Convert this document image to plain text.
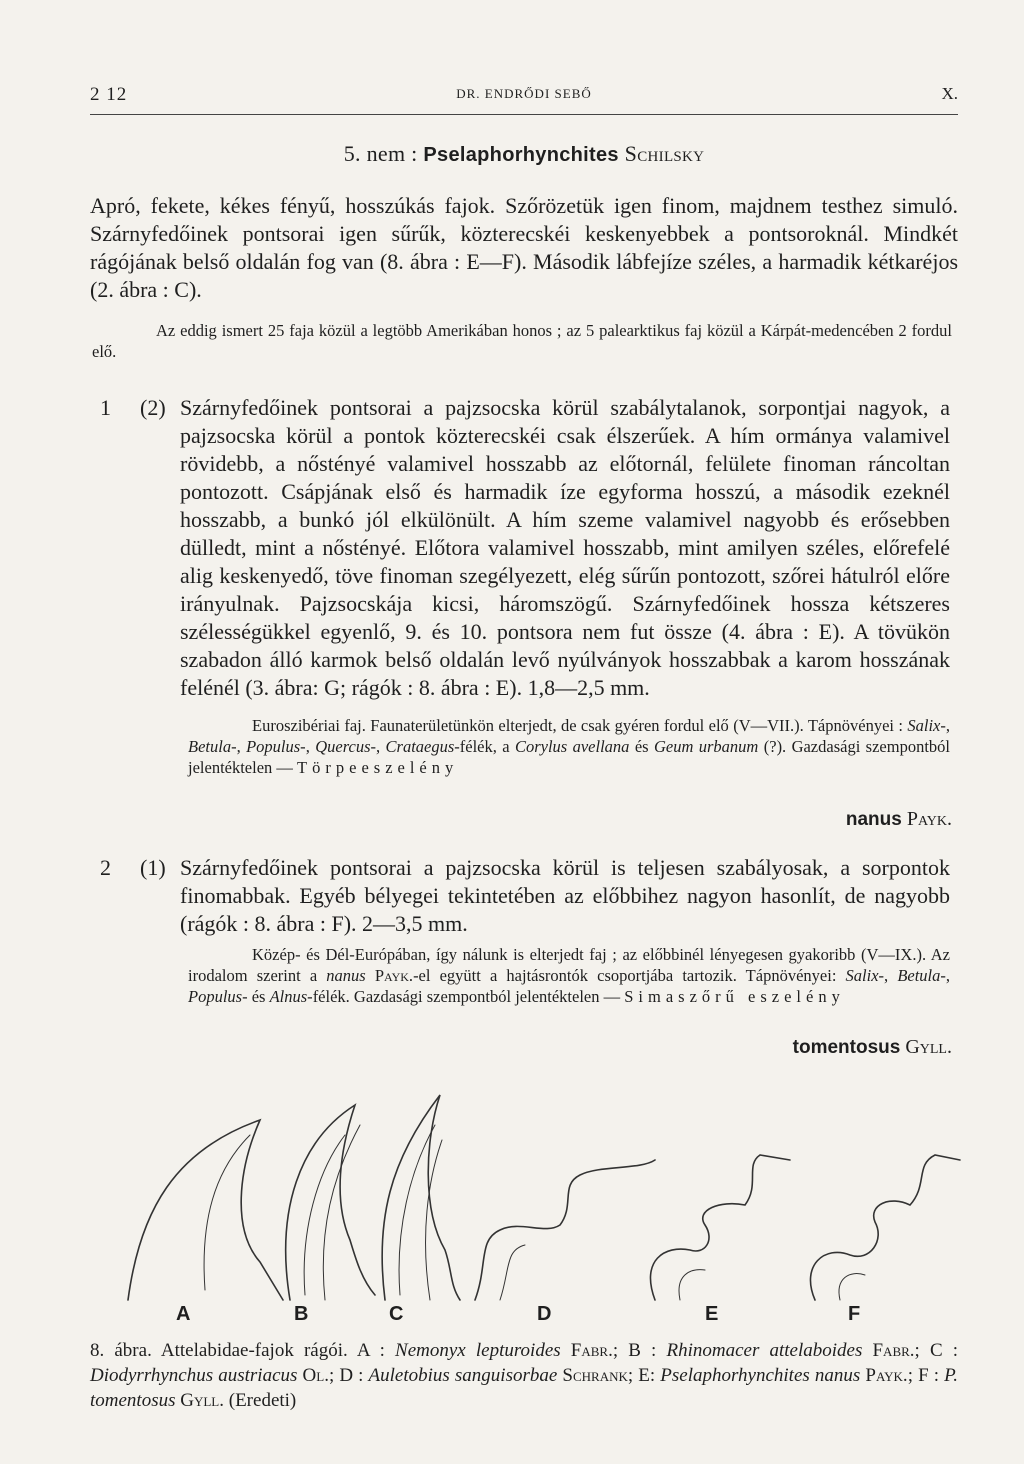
2 12	DR. ENDRŐDI SEBŐ	X.
5. nem : Pselaphorhynchites Schilsky

Apró, fekete, kékes fényű, hosszúkás fajok. Szőrözetük igen finom, majdnem testhez simuló. Szárnyfedőinek pontsorai igen sűrűk, közterecskéi keskenyebbek a pontsoroknál. Mindkét rágójának belső oldalán fog van (8. ábra : E—F). Második lábfejíze széles, a harmadik kétkaréjos (2. ábra : C).

Az eddig ismert 25 faja közül a legtöbb Amerikában honos ; az 5 palearktikus faj közül a Kárpát-medencében 2 fordul elő.

1 (2) Szárnyfedőinek pontsorai a pajzsocska körül szabálytalanok, sorpontjai nagyok, a pajzsocska körül a pontok közterecskéi csak élszerűek. A hím ormánya valamivel rövidebb, a nőstényé valamivel hosszabb az előtornál, felülete finoman ráncoltan pontozott. Csápjának első és harmadik íze egyforma hosszú, a második ezeknél hosszabb, a bunkó jól elkülönült. A hím szeme valamivel nagyobb és erősebben dülledt, mint a nőstényé. Előtora valamivel hosszabb, mint amilyen széles, előrefelé alig keskenyedő, töve finoman szegélyezett, elég sűrűn pontozott, szőrei hátulról előre irányulnak. Pajzsocskája kicsi, háromszögű. Szárnyfedőinek hossza kétszeres szélességükkel egyenlő, 9. és 10. pontsora nem fut össze (4. ábra : E). A tövükön szabadon álló karmok belső oldalán levő nyúlványok hosszabbak a karom hosszának felénél (3. ábra: G; rágók : 8. ábra : E). 1,8—2,5 mm.

Euroszibériai faj. Faunaterületünkön elterjedt, de csak gyéren fordul elő (V—VII.). Tápnövényei : Salix-, Betula-, Populus-, Quercus-, Crataegus-félék, a Corylus avellana és Geum urbanum (?). Gazdasági szempontból jelentéktelen — Törpeeszelény

nanus Payk.
2 (1) Szárnyfedőinek pontsorai a pajzsocska körül is teljesen szabályosak, a sorpontok finomabbak. Egyéb bélyegei tekintetében az előbbihez nagyon hasonlít, de nagyobb (rágók : 8. ábra : F). 2—3,5 mm.

Közép- és Dél-Európában, így nálunk is elterjedt faj ; az előbbinél lényegesen gyakoribb (V—IX.). Az irodalom szerint a nanus Payk.-el együtt a hajtásrontók csoportjába tartozik. Tápnövényei: Salix-, Betula-, Populus- és Alnus-félék. Gazdasági szempontból jelentéktelen — Simaszőrű eszelény

tomentosus Gyll.
A	B	C	D	E	F
8. ábra. Attelabidae-fajok rágói. A : Nemonyx lepturoides Fabr.; B : Rhinomacer attelaboides Fabr.; C : Diodyrrhynchus austriacus Ol.; D : Auletobius sanguisorbae Schrank; E: Pselaphorhynchites nanus Payk.; F : P. tomentosus Gyll. (Eredeti)
